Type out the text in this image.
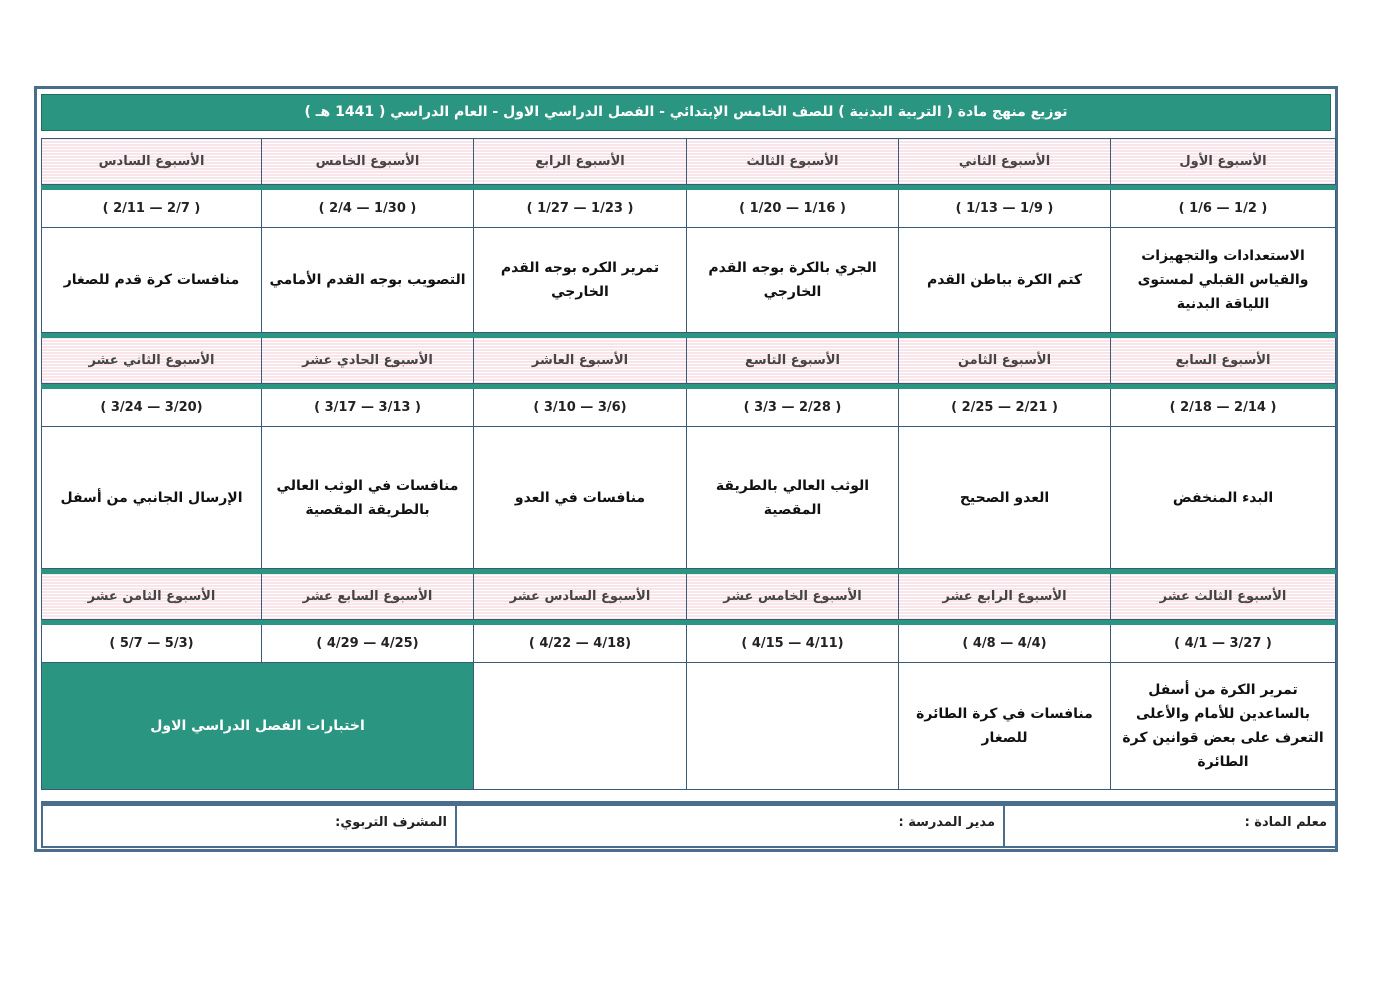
توزيع منهج مادة ( التربية البدنية ) للصف الخامس الإبتدائي - الفصل الدراسي الاول - العام الدراسي ( 1441 هـ )
الأسبوع الأول	الأسبوع الثاني	الأسبوع الثالث	الأسبوع الرابع	الأسبوع الخامس	الأسبوع السادس

( 1/2 — 1/6 )	( 1/9 — 1/13 )	( 1/16 — 1/20 )	( 1/23 — 1/27 )	( 1/30 — 2/4 )	( 2/7 — 2/11 )
الاستعدادات والتجهيزات والقياس القبلي لمستوى اللياقة البدنية	كتم الكرة بباطن القدم	الجري بالكرة بوجه القدم الخارجي	تمرير الكره بوجه القدم الخارجي	التصويب بوجه القدم الأمامي	منافسات كرة قدم للصغار

الأسبوع السابع	الأسبوع الثامن	الأسبوع التاسع	الأسبوع العاشر	الأسبوع الحادي عشر	الأسبوع الثاني عشر

( 2/14 — 2/18 )	( 2/21 — 2/25 )	( 2/28 — 3/3 )	(3/6 — 3/10 )	( 3/13 — 3/17 )	(3/20 — 3/24 )
البدء المنخفض	العدو الصحيح	الوثب العالي بالطريقة المقصية	منافسات في العدو	منافسات في الوثب العالي بالطريقة المقصية	الإرسال الجانبي من أسفل

الأسبوع الثالث عشر	الأسبوع الرابع عشر	الأسبوع الخامس عشر	الأسبوع السادس عشر	الأسبوع السابع عشر	الأسبوع الثامن عشر

( 3/27 — 4/1 )	(4/4 — 4/8 )	(4/11 — 4/15 )	(4/18 — 4/22 )	(4/25 — 4/29 )	(5/3 — 5/7 )
تمرير الكرة من أسفل بالساعدين للأمام والأعلى التعرف على بعض قوانين كرة الطائرة	منافسات في كرة الطائرة للصغار			اختبارات الفصل الدراسي الاول	
معلم المادة :	مدير المدرسة :	المشرف التربوي:
